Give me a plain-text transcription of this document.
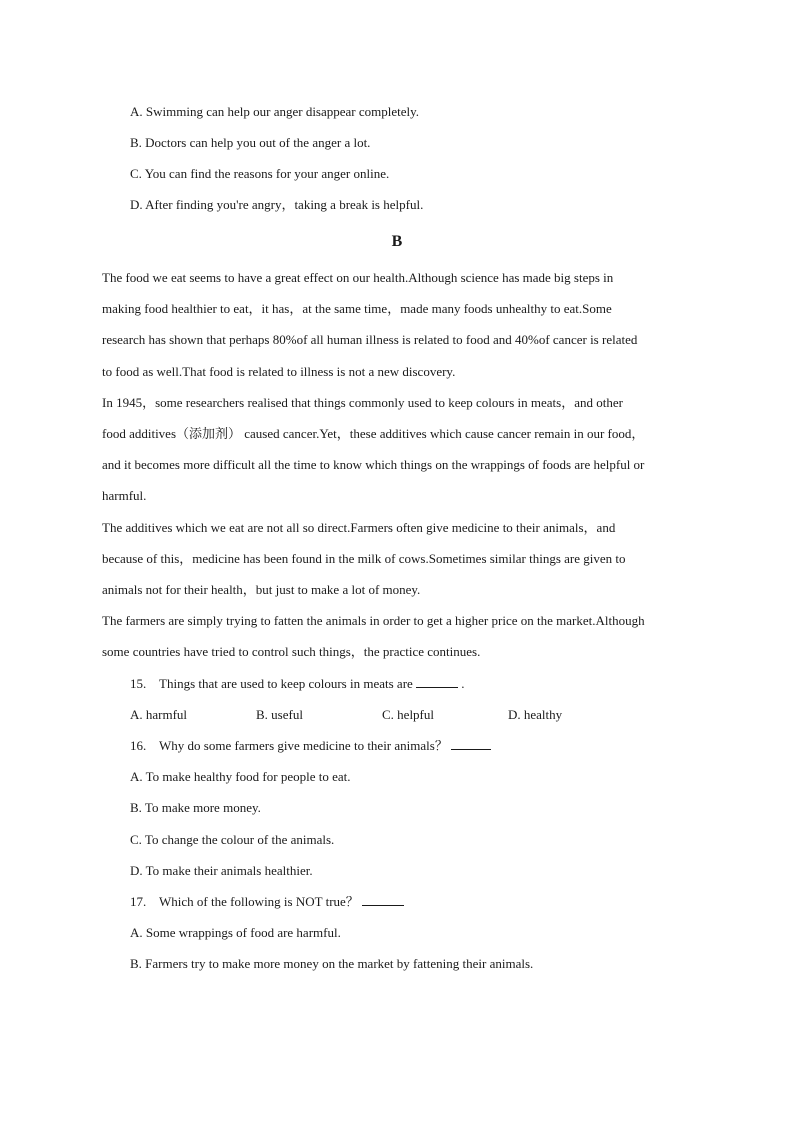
A. Swimming can help our anger disappear completely.
B. Doctors can help you out of the anger a lot.
C. You can find the reasons for your anger online.
D. After finding you're angry，taking a break is helpful.
B
The food we eat seems to have a great effect on our health.Although science has made big steps in
making food healthier to eat，it has，at the same time，made many foods unhealthy to eat.Some
research has shown that perhaps 80%of all human illness is related to food and 40%of cancer is related
to food as well.That food is related to illness is not a new discovery.
In 1945，some researchers realised that things commonly used to keep colours in meats，and other
food additives（添加剂） caused cancer.Yet，these additives which cause cancer remain in our food，
and it becomes more difficult all the time to know which things on the wrappings of foods are helpful or
harmful.
The additives which we eat are not all so direct.Farmers often give medicine to their animals，and
because of this，medicine has been found in the milk of cows.Sometimes similar things are given to
animals not for their health，but just to make a lot of money.
The farmers are simply trying to fatten the animals in order to get a higher price on the market.Although
some countries have tried to control such things，the practice continues.
15. Things that are used to keep colours in meats are	.
A. harmful	B. useful	C. helpful	D. healthy
16. Why do some farmers give medicine to their animals？
A. To make healthy food for people to eat.
B. To make more money.
C. To change the colour of the animals.
D. To make their animals healthier.
17. Which of the following is NOT true？
A. Some wrappings of food are harmful.
B. Farmers try to make more money on the market by fattening their animals.
